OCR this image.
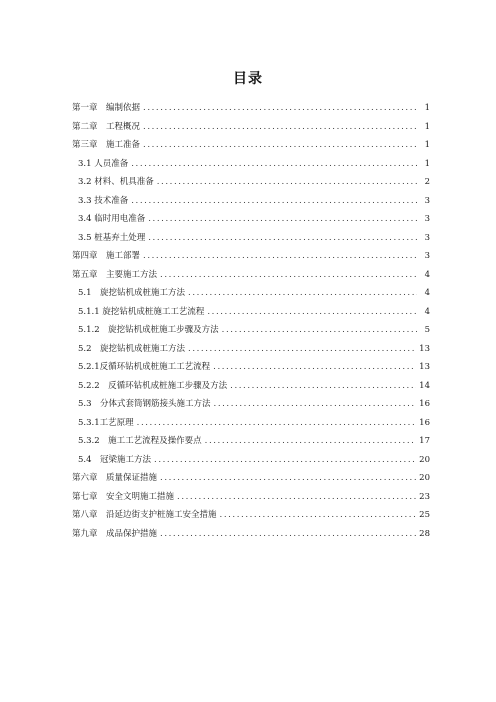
目录
第一章　编制依据 .....	1
第二章　工程概况 .....	1
第三章　施工准备 .....	1
3.1 人员准备 .....	1
3.2 材料、机具准备 .....	2
3.3 技术准备 .....	3
3.4 临时用电准备 .....	3
3.5 桩基弃土处理 .....	3
第四章　施工部署 .....	3
第五章　主要施工方法 .....	4
5.1　旋挖钻机成桩施工方法 .....	4
5.1.1 旋挖钻机成桩施工工艺流程 .....	4
5.1.2　旋挖钻机成桩施工步骤及方法 .....	5
5.2　旋挖钻机成桩施工方法 .....	13
5.2.1反循环钻机成桩施工工艺流程 .....	13
5.2.2　反循环钻机成桩施工步骤及方法 .....	14
5.3　分体式套筒钢筋接头施工方法 .....	16
5.3.1工艺原理 .....	16
5.3.2　施工工艺流程及操作要点 .....	17
5.4　冠梁施工方法 .....	20
第六章　质量保证措施 .....	20
第七章　安全文明施工措施 .....	23
第八章　沿延边街支护桩施工安全措施 .....	25
第九章　成品保护措施 .....	28
